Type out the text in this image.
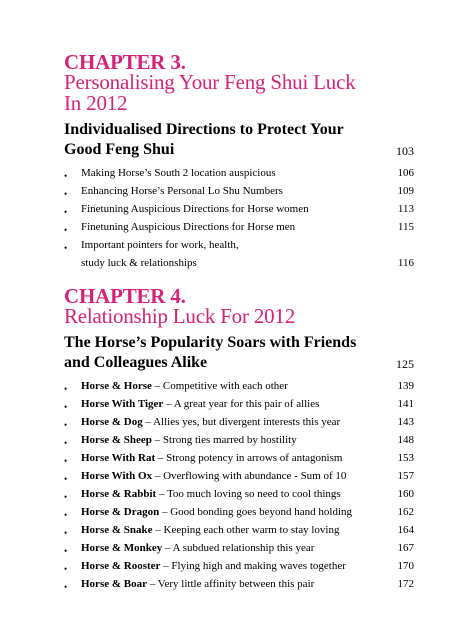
CHAPTER 3.
Personalising Your Feng Shui Luck
In 2012
Individualised Directions to Protect Your
Good Feng Shui	103
• Making Horse’s South 2 location auspicious	106
• Enhancing Horse’s Personal Lo Shu Numbers	109
• Finetuning Auspicious Directions for Horse women	113
• Finetuning Auspicious Directions for Horse men	115
• Important pointers for work, health,
study luck & relationships	116
CHAPTER 4.
Relationship Luck For 2012
The Horse’s Popularity Soars with Friends
and Colleagues Alike	125
• Horse & Horse – Competitive with each other	139
• Horse With Tiger – A great year for this pair of allies	141
• Horse & Dog – Allies yes, but divergent interests this year	143
• Horse & Sheep – Strong ties marred by hostility	148
• Horse With Rat – Strong potency in arrows of antagonism	153
• Horse With Ox – Overflowing with abundance - Sum of 10	157
• Horse & Rabbit – Too much loving so need to cool things	160
• Horse & Dragon – Good bonding goes beyond hand holding	162
• Horse & Snake – Keeping each other warm to stay loving	164
• Horse & Monkey – A subdued relationship this year	167
• Horse & Rooster – Flying high and making waves together	170
• Horse & Boar – Very little affinity between this pair	172
